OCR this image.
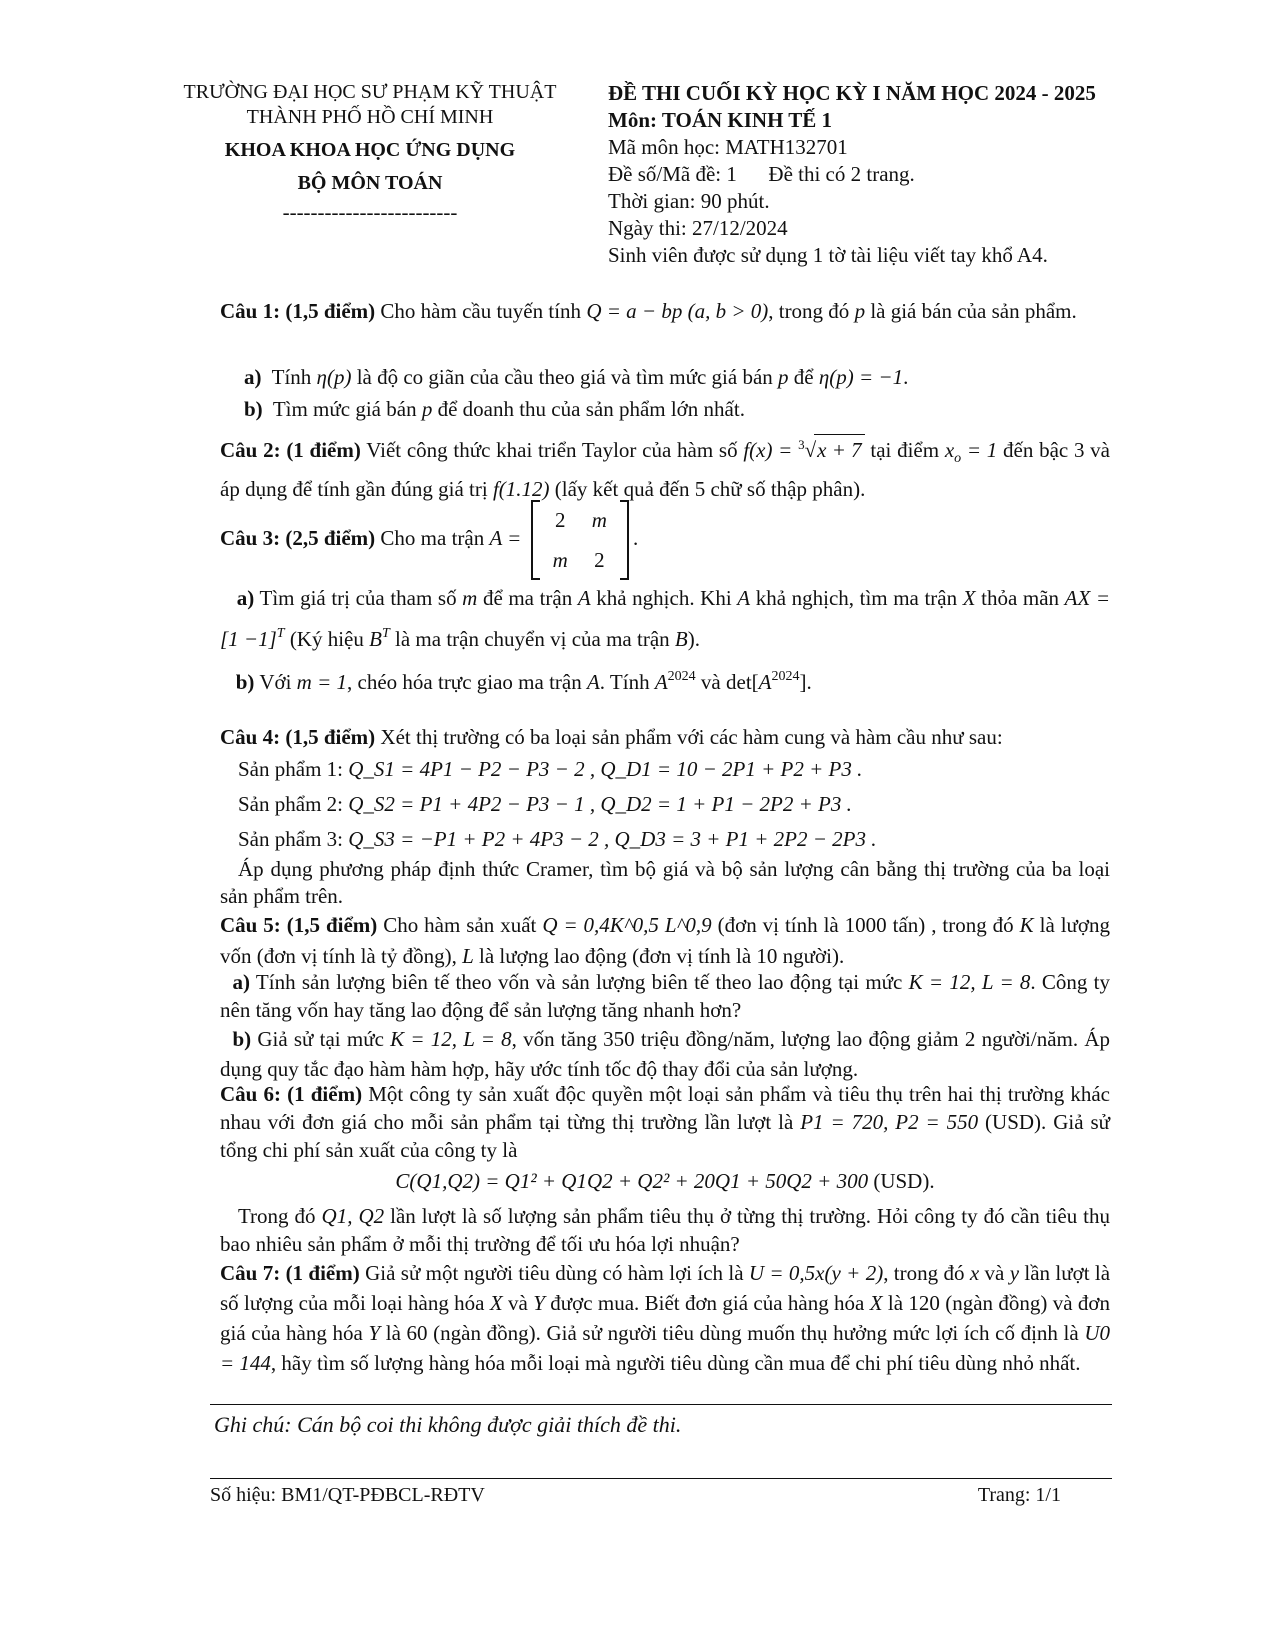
TRƯỜNG ĐẠI HỌC SƯ PHẠM KỸ THUẬT
THÀNH PHỐ HỒ CHÍ MINH
KHOA KHOA HỌC ỨNG DỤNG
BỘ MÔN TOÁN
-------------------------
ĐỀ THI CUỐI KỲ HỌC KỲ I NĂM HỌC 2024 - 2025
Môn: TOÁN KINH TẾ 1
Mã môn học: MATH132701
Đề số/Mã đề: 1 Đề thi có 2 trang.
Thời gian: 90 phút.
Ngày thi: 27/12/2024
Sinh viên được sử dụng 1 tờ tài liệu viết tay khổ A4.
Câu 1: (1,5 điểm) Cho hàm cầu tuyến tính Q = a − bp (a, b > 0), trong đó p là giá bán của sản phẩm.
a) Tính η(p) là độ co giãn của cầu theo giá và tìm mức giá bán p để η(p) = −1.
b) Tìm mức giá bán p để doanh thu của sản phẩm lớn nhất.
Câu 2: (1 điểm) Viết công thức khai triển Taylor của hàm số f(x) = $^3$√x + 7 tại điểm $x_o = 1$ đến bậc 3 và áp dụng để tính gần đúng giá trị f(1.12) (lấy kết quả đến 5 chữ số thập phân).
Câu 3: (2,5 điểm) Cho ma trận A =
2	m
m	2
.
a) Tìm giá trị của tham số m để ma trận A khả nghịch. Khi A khả nghịch, tìm ma trận X thỏa mãn AX = $[1 -1]^T$ (Ký hiệu $B^T$ là ma trận chuyển vị của ma trận B).
b) Với m = 1, chéo hóa trực giao ma trận A. Tính $A^{2024}$ và $\det[A^{2024}]$.
Câu 4: (1,5 điểm) Xét thị trường có ba loại sản phẩm với các hàm cung và hàm cầu như sau:
Sản phẩm 1: Q_S1 = 4P1 − P2 − P3 − 2 , Q_D1 = 10 − 2P1 + P2 + P3 .
Sản phẩm 2: Q_S2 = P1 + 4P2 − P3 − 1 , Q_D2 = 1 + P1 − 2P2 + P3 .
Sản phẩm 3: Q_S3 = −P1 + P2 + 4P3 − 2 , Q_D3 = 3 + P1 + 2P2 − 2P3 .
Áp dụng phương pháp định thức Cramer, tìm bộ giá và bộ sản lượng cân bằng thị trường của ba loại sản phẩm trên.
Câu 5: (1,5 điểm) Cho hàm sản xuất Q = 0,4K^0,5 L^0,9 (đơn vị tính là 1000 tấn) , trong đó K là lượng vốn (đơn vị tính là tỷ đồng), L là lượng lao động (đơn vị tính là 10 người).
a) Tính sản lượng biên tế theo vốn và sản lượng biên tế theo lao động tại mức K = 12, L = 8. Công ty nên tăng vốn hay tăng lao động để sản lượng tăng nhanh hơn?
b) Giả sử tại mức K = 12, L = 8, vốn tăng 350 triệu đồng/năm, lượng lao động giảm 2 người/năm. Áp dụng quy tắc đạo hàm hàm hợp, hãy ước tính tốc độ thay đổi của sản lượng.
Câu 6: (1 điểm) Một công ty sản xuất độc quyền một loại sản phẩm và tiêu thụ trên hai thị trường khác nhau với đơn giá cho mỗi sản phẩm tại từng thị trường lần lượt là P1 = 720, P2 = 550 (USD). Giả sử tổng chi phí sản xuất của công ty là
C(Q1,Q2) = Q1² + Q1Q2 + Q2² + 20Q1 + 50Q2 + 300 (USD).
Trong đó Q1, Q2 lần lượt là số lượng sản phẩm tiêu thụ ở từng thị trường. Hỏi công ty đó cần tiêu thụ bao nhiêu sản phẩm ở mỗi thị trường để tối ưu hóa lợi nhuận?
Câu 7: (1 điểm) Giả sử một người tiêu dùng có hàm lợi ích là U = 0,5x(y + 2), trong đó x và y lần lượt là số lượng của mỗi loại hàng hóa X và Y được mua. Biết đơn giá của hàng hóa X là 120 (ngàn đồng) và đơn giá của hàng hóa Y là 60 (ngàn đồng). Giả sử người tiêu dùng muốn thụ hưởng mức lợi ích cố định là U0 = 144, hãy tìm số lượng hàng hóa mỗi loại mà người tiêu dùng cần mua để chi phí tiêu dùng nhỏ nhất.
Ghi chú: Cán bộ coi thi không được giải thích đề thi.
Số hiệu: BM1/QT-PĐBCL-RĐTV	Trang: 1/1
